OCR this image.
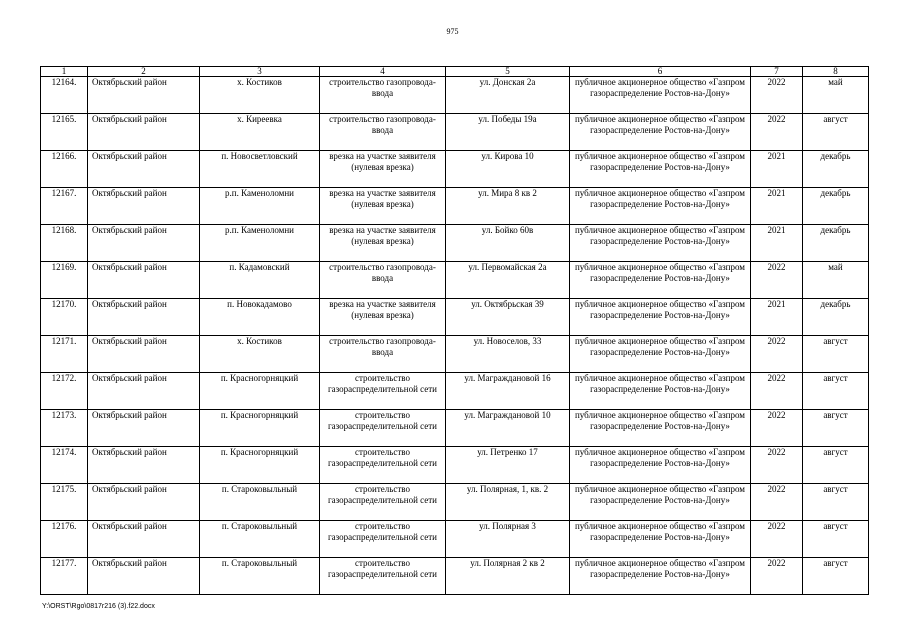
975
1	2	3	4	5	6	7	8
12164.	Октябрьский район	х. Костиков	строительство газопровода-ввода	ул. Донская 2а	публичное акционерное общество «Газпром газораспределение Ростов-на-Дону»	2022	май
12165.	Октябрьский район	х. Киреевка	строительство газопровода-ввода	ул. Победы 19а	публичное акционерное общество «Газпром газораспределение Ростов-на-Дону»	2022	август
12166.	Октябрьский район	п. Новосветловский	врезка на участке заявителя (нулевая врезка)	ул. Кирова 10	публичное акционерное общество «Газпром газораспределение Ростов-на-Дону»	2021	декабрь
12167.	Октябрьский район	р.п. Каменоломни	врезка на участке заявителя (нулевая врезка)	ул. Мира 8 кв 2	публичное акционерное общество «Газпром газораспределение Ростов-на-Дону»	2021	декабрь
12168.	Октябрьский район	р.п. Каменоломни	врезка на участке заявителя (нулевая врезка)	ул. Бойко 60в	публичное акционерное общество «Газпром газораспределение Ростов-на-Дону»	2021	декабрь
12169.	Октябрьский район	п. Кадамовский	строительство газопровода-ввода	ул. Первомайская 2а	публичное акционерное общество «Газпром газораспределение Ростов-на-Дону»	2022	май
12170.	Октябрьский район	п. Новокадамово	врезка на участке заявителя (нулевая врезка)	ул. Октябрьская 39	публичное акционерное общество «Газпром газораспределение Ростов-на-Дону»	2021	декабрь
12171.	Октябрьский район	х. Костиков	строительство газопровода-ввода	ул. Новоселов, 33	публичное акционерное общество «Газпром газораспределение Ростов-на-Дону»	2022	август
12172.	Октябрьский район	п. Красногорняцкий	строительство газораспределительной сети	ул. Мaграждановой 16	публичное акционерное общество «Газпром газораспределение Ростов-на-Дону»	2022	август
12173.	Октябрьский район	п. Красногорняцкий	строительство газораспределительной сети	ул. Маграждановой 10	публичное акционерное общество «Газпром газораспределение Ростов-на-Дону»	2022	август
12174.	Октябрьский район	п. Красногорняцкий	строительство газораспределительной сети	ул. Петренко 17	публичное акционерное общество «Газпром газораспределение Ростов-на-Дону»	2022	август
12175.	Октябрьский район	п. Староковыльный	строительство газораспределительной сети	ул. Полярная, 1, кв. 2	публичное акционерное общество «Газпром газораспределение Ростов-на-Дону»	2022	август
12176.	Октябрьский район	п. Староковыльный	строительство газораспределительной сети	ул. Полярная 3	публичное акционерное общество «Газпром газораспределение Ростов-на-Дону»	2022	август
12177.	Октябрьский район	п. Староковыльный	строительство газораспределительной сети	ул. Полярная 2 кв 2	публичное акционерное общество «Газпром газораспределение Ростов-на-Дону»	2022	август
Y:\ORST\Rgo\0817r216 (3).f22.docx
